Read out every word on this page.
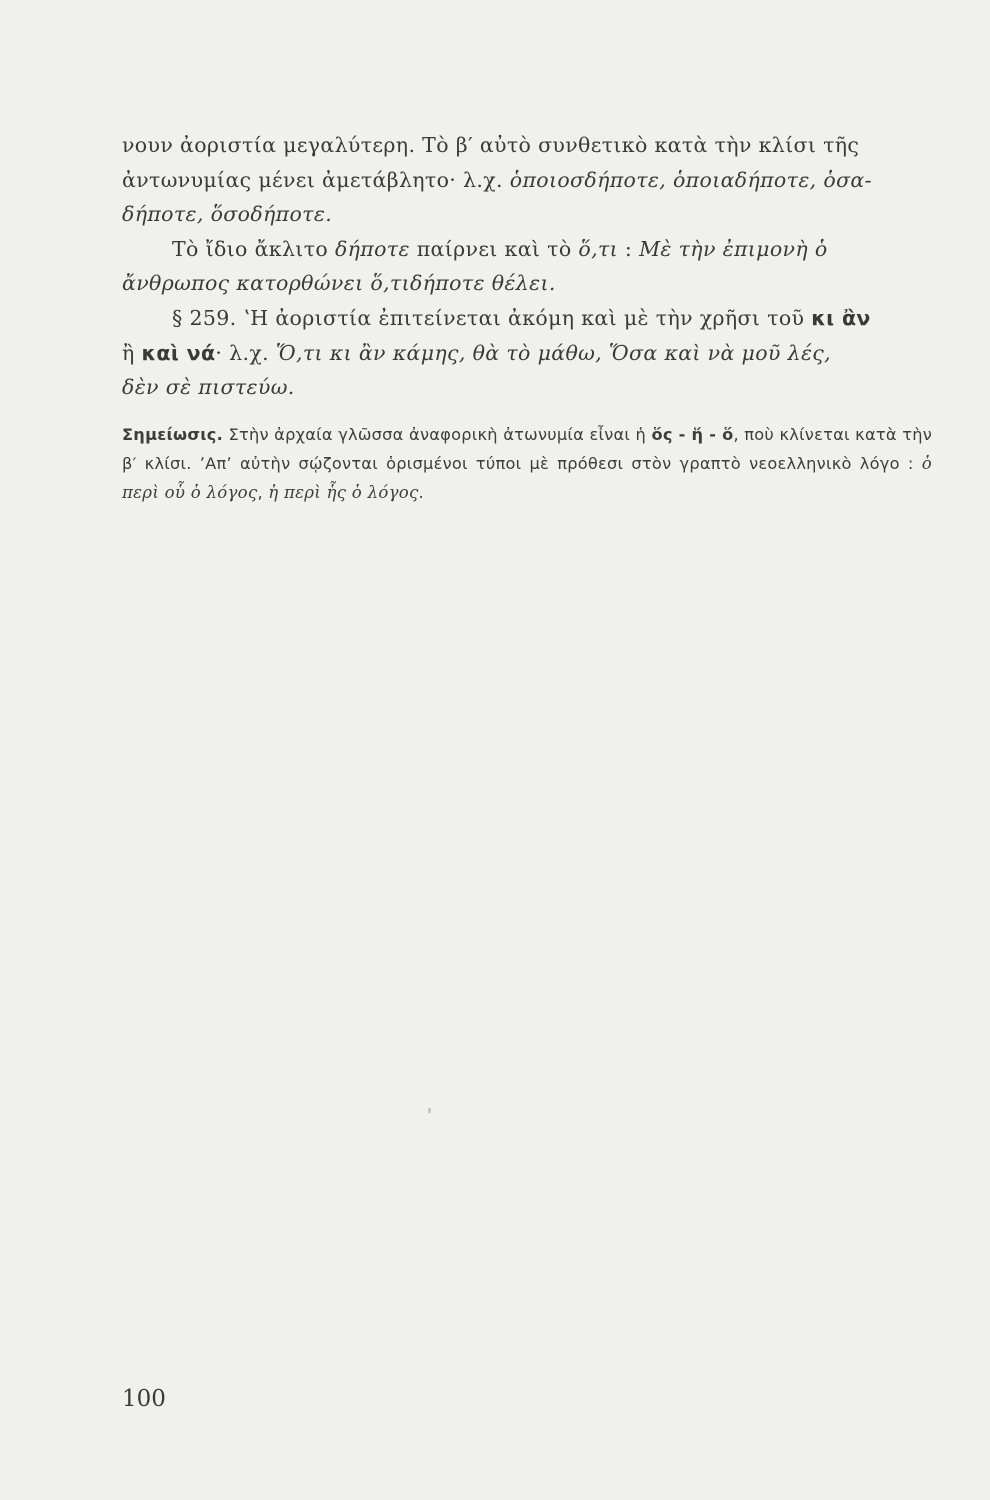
νουν ἀοριστία μεγαλύτερη. Τὸ β′ αὐτὸ συνθετικὸ κατὰ τὴν κλίσι τῆς
ἀντωνυμίας μένει ἀμετάβλητο· λ.χ. ὁποιοσδήποτε, ὁποιαδήποτε, ὁσα-
δήποτε, ὅσοδήποτε.

Τὸ ἴδιο ἄκλιτο δήποτε παίρνει καὶ τὸ ὅ,τι : Μὲ τὴν ἐπιμονὴ ὁ
ἄνθρωπος κατορθώνει ὅ,τιδήποτε θέλει.

§ 259. ʽΗ ἀοριστία ἐπιτείνεται ἀκόμη καὶ μὲ τὴν χρῆσι τοῦ κι ἂν
ἢ καὶ νά· λ.χ. Ὅ,τι κι ἂν κάμης, θὰ τὸ μάθω, Ὅσα καὶ νὰ μοῦ λές,
δὲν σὲ πιστεύω.

Σημείωσις. Στὴν ἀρχαία γλῶσσα ἀναφορικὴ ἀτωνυμία εἶναι ἡ ὅς - ἥ - ὅ, ποὺ κλίνεται κατὰ τὴν β′ κλίσι. ʼΑπʼ αὐτὴν σῴζονται ὁρισμένοι τύποι μὲ πρόθεσι στὸν γραπτὸ νεοελληνικὸ λόγο : ὁ περὶ οὗ ὁ λόγος, ἡ περὶ ἧς ὁ λόγος.
100
